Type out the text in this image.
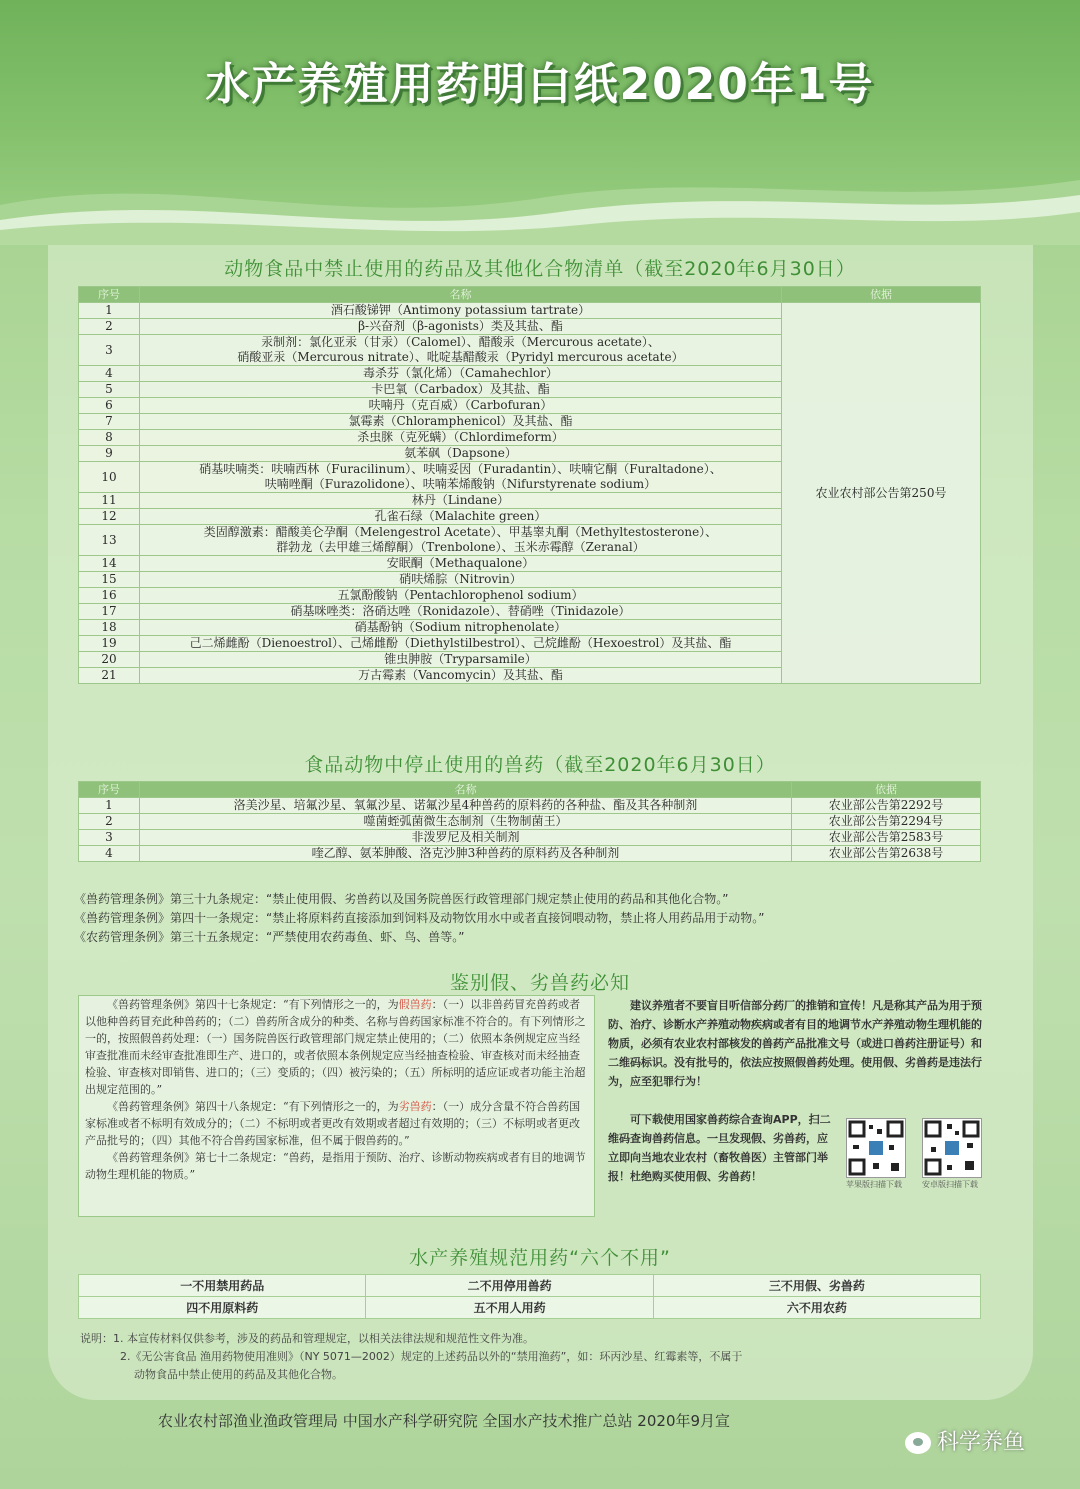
水产养殖用药明白纸2020年1号
动物食品中禁止使用的药品及其他化合物清单（截至2020年6月30日）
序号	名称	依据
1	酒石酸锑钾（Antimony potassium tartrate）	农业农村部公告第250号
2	β-兴奋剂（β-agonists）类及其盐、酯	

3	汞制剂：氯化亚汞（甘汞）（Calomel）、醋酸汞（Mercurous acetate）、
硝酸亚汞（Mercurous nitrate）、吡啶基醋酸汞（Pyridyl mercurous acetate）	

4	毒杀芬（氯化烯）（Camahechlor）	

5	卡巴氧（Carbadox）及其盐、酯	

6	呋喃丹（克百威）（Carbofuran）	

7	氯霉素（Chloramphenicol）及其盐、酯	

8	杀虫脒（克死螨）（Chlordimeform）	

9	氨苯砜（Dapsone）	

10	硝基呋喃类：呋喃西林（Furacilinum）、呋喃妥因（Furadantin）、呋喃它酮（Furaltadone）、
呋喃唑酮（Furazolidone）、呋喃苯烯酸钠（Nifurstyrenate sodium）	

11	林丹（Lindane）	

12	孔雀石绿（Malachite green）	

13	类固醇激素：醋酸美仑孕酮（Melengestrol Acetate）、甲基睾丸酮（Methyltestosterone）、
群勃龙（去甲雄三烯醇酮）（Trenbolone）、玉米赤霉醇（Zeranal）	

14	安眠酮（Methaqualone）	

15	硝呋烯腙（Nitrovin）	

16	五氯酚酸钠（Pentachlorophenol sodium）	

17	硝基咪唑类：洛硝达唑（Ronidazole）、替硝唑（Tinidazole）	

18	硝基酚钠（Sodium nitrophenolate）	

19	己二烯雌酚（Dienoestrol）、己烯雌酚（Diethylstilbestrol）、己烷雌酚（Hexoestrol）及其盐、酯	

20	锥虫胂胺（Tryparsamile）	

21	万古霉素（Vancomycin）及其盐、酯	
食品动物中停止使用的兽药（截至2020年6月30日）
序号	名称	依据
1	洛美沙星、培氟沙星、氧氟沙星、诺氟沙星4种兽药的原料药的各种盐、酯及其各种制剂	农业部公告第2292号
2	噬菌蛭弧菌微生态制剂（生物制菌王）	农业部公告第2294号
3	非泼罗尼及相关制剂	农业部公告第2583号
4	喹乙醇、氨苯胂酸、洛克沙胂3种兽药的原料药及各种制剂	农业部公告第2638号
《兽药管理条例》第三十九条规定：“禁止使用假、劣兽药以及国务院兽医行政管理部门规定禁止使用的药品和其他化合物。”
《兽药管理条例》第四十一条规定：“禁止将原料药直接添加到饲料及动物饮用水中或者直接饲喂动物，禁止将人用药品用于动物。”
《农药管理条例》第三十五条规定：“严禁使用农药毒鱼、虾、鸟、兽等。”
鉴别假、劣兽药必知

《兽药管理条例》第四十七条规定：“有下列情形之一的，为假兽药：（一）以非兽药冒充兽药或者以他种兽药冒充此种兽药的；（二）兽药所含成分的种类、名称与兽药国家标准不符合的。有下列情形之一的，按照假兽药处理：（一）国务院兽医行政管理部门规定禁止使用的；（二）依照本条例规定应当经审查批准而未经审查批准即生产、进口的，或者依照本条例规定应当经抽查检验、审查核对而未经抽查检验、审查核对即销售、进口的；（三）变质的；（四）被污染的；（五）所标明的适应证或者功能主治超出规定范围的。”

《兽药管理条例》第四十八条规定：“有下列情形之一的，为劣兽药：（一）成分含量不符合兽药国家标准或者不标明有效成分的；（二）不标明或者更改有效期或者超过有效期的；（三）不标明或者更改产品批号的；（四）其他不符合兽药国家标准，但不属于假兽药的。”

《兽药管理条例》第七十二条规定：“兽药，是指用于预防、治疗、诊断动物疾病或者有目的地调节动物生理机能的物质。”

建议养殖者不要盲目听信部分药厂的推销和宣传！凡是称其产品为用于预防、治疗、诊断水产养殖动物疾病或者有目的地调节水产养殖动物生理机能的物质，必须有农业农村部核发的兽药产品批准文号（或进口兽药注册证号）和二维码标识。没有批号的，依法应按照假兽药处理。使用假、劣兽药是违法行为，应至犯罪行为！
可下载使用国家兽药综合查询APP，扫二维码查询兽药信息。一旦发现假、劣兽药，应立即向当地农业农村（畜牧兽医）主管部门举报！杜绝购买使用假、劣兽药！
苹果版扫描下载	安卓版扫描下载
水产养殖规范用药“六个不用”
一不用禁用药品	二不用停用兽药	三不用假、劣兽药
四不用原料药	五不用人用药	六不用农药
说明：1. 本宣传材料仅供参考，涉及的药品和管理规定，以相关法律法规和规范性文件为准。
2.《无公害食品 渔用药物使用准则》（NY 5071—2002）规定的上述药品以外的“禁用渔药”，如：环丙沙星、红霉素等，不属于
动物食品中禁止使用的药品及其他化合物。
农业农村部渔业渔政管理局 中国水产科学研究院 全国水产技术推广总站 2020年9月宣
科学养鱼
